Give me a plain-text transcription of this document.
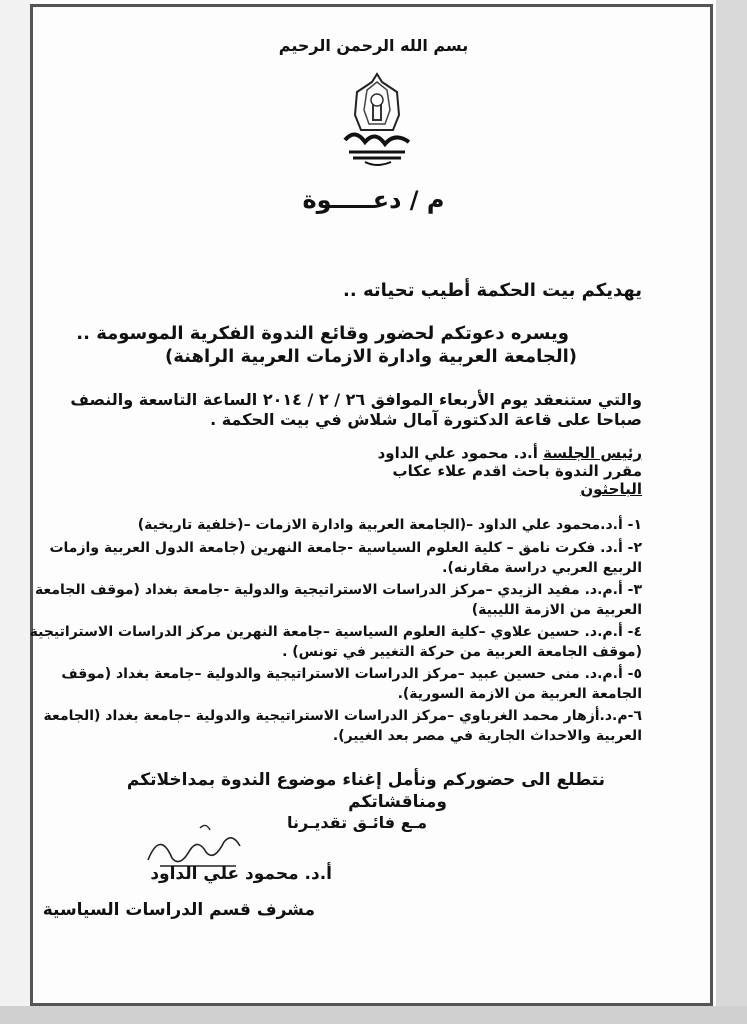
بسم الله الرحمن الرحيم
م / دعـــــوة
يهديكم بيت الحكمة أطيب تحياته ..
ويسره دعوتكم لحضور وقائع الندوة الفكرية الموسومة ..
(الجامعة العربية وادارة الازمات العربية الراهنة)
والتي ستنعقد يوم الأربعاء الموافق ٢٦ / ٢ / ٢٠١٤ الساعة التاسعة والنصف
صباحا على قاعة الدكتورة آمال شلاش في بيت الحكمة .
رئيس الجلسة أ.د. محمود علي الداود
مقرر الندوة باحث اقدم علاء عكاب
الباحثون
١- أ.د.محمود علي الداود –(الجامعة العربية وادارة الازمات –(خلفية تاريخية)
٢- أ.د. فكرت نامق – كلية العلوم السياسية -جامعة النهرين (جامعة الدول العربية وازمات
الربيع العربي دراسة مقارنه).
٣- أ.م.د. مفيد الزيدي –مركز الدراسات الاستراتيجية والدولية -جامعة بغداد (موقف الجامعة
العربية من الازمة الليبية)
٤- أ.م.د. حسين علاوي –كلية العلوم السياسية –جامعة النهرين مركز الدراسات الاستراتيجية
(موقف الجامعة العربية من حركة التغيير في تونس) .
٥- أ.م.د. منى حسين عبيد –مركز الدراسات الاستراتيجية والدولية –جامعة بغداد (موقف
الجامعة العربية من الازمة السورية).
٦-م.د.أزهار محمد الغرباوي –مركز الدراسات الاستراتيجية والدولية –جامعة بغداد (الجامعة
العربية والاحداث الجارية في مصر بعد الغيير).
نتطلع الى حضوركم ونأمل إغناء موضوع الندوة بمداخلاتكم
ومناقشاتكم
مـع فائـق تقديـرنا
أ.د. محمود علي الداود
مشرف قسم الدراسات السياسية
